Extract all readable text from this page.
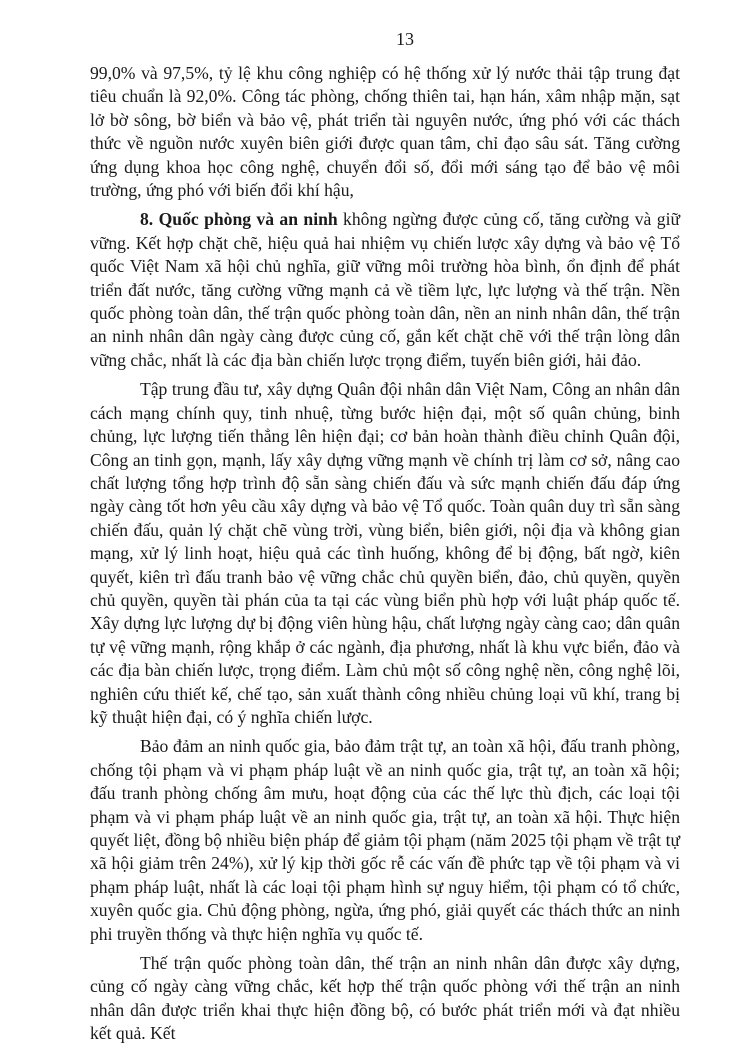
13

99,0% và 97,5%, tỷ lệ khu công nghiệp có hệ thống xử lý nước thải tập trung đạt tiêu chuẩn là 92,0%. Công tác phòng, chống thiên tai, hạn hán, xâm nhập mặn, sạt lở bờ sông, bờ biển và bảo vệ, phát triển tài nguyên nước, ứng phó với các thách thức về nguồn nước xuyên biên giới được quan tâm, chỉ đạo sâu sát. Tăng cường ứng dụng khoa học công nghệ, chuyển đổi số, đổi mới sáng tạo để bảo vệ môi trường, ứng phó với biến đổi khí hậu,

8. Quốc phòng và an ninh không ngừng được củng cố, tăng cường và giữ vững. Kết hợp chặt chẽ, hiệu quả hai nhiệm vụ chiến lược xây dựng và bảo vệ Tổ quốc Việt Nam xã hội chủ nghĩa, giữ vững môi trường hòa bình, ổn định để phát triển đất nước, tăng cường vững mạnh cả về tiềm lực, lực lượng và thế trận. Nền quốc phòng toàn dân, thế trận quốc phòng toàn dân, nền an ninh nhân dân, thế trận an ninh nhân dân ngày càng được củng cố, gắn kết chặt chẽ với thế trận lòng dân vững chắc, nhất là các địa bàn chiến lược trọng điểm, tuyến biên giới, hải đảo.

Tập trung đầu tư, xây dựng Quân đội nhân dân Việt Nam, Công an nhân dân cách mạng chính quy, tinh nhuệ, từng bước hiện đại, một số quân chủng, binh chủng, lực lượng tiến thẳng lên hiện đại; cơ bản hoàn thành điều chỉnh Quân đội, Công an tinh gọn, mạnh, lấy xây dựng vững mạnh về chính trị làm cơ sở, nâng cao chất lượng tổng hợp trình độ sẵn sàng chiến đấu và sức mạnh chiến đấu đáp ứng ngày càng tốt hơn yêu cầu xây dựng và bảo vệ Tổ quốc. Toàn quân duy trì sẵn sàng chiến đấu, quản lý chặt chẽ vùng trời, vùng biển, biên giới, nội địa và không gian mạng, xử lý linh hoạt, hiệu quả các tình huống, không để bị động, bất ngờ, kiên quyết, kiên trì đấu tranh bảo vệ vững chắc chủ quyền biển, đảo, chủ quyền, quyền chủ quyền, quyền tài phán của ta tại các vùng biển phù hợp với luật pháp quốc tế. Xây dựng lực lượng dự bị động viên hùng hậu, chất lượng ngày càng cao; dân quân tự vệ vững mạnh, rộng khắp ở các ngành, địa phương, nhất là khu vực biển, đảo và các địa bàn chiến lược, trọng điểm. Làm chủ một số công nghệ nền, công nghệ lõi, nghiên cứu thiết kế, chế tạo, sản xuất thành công nhiều chủng loại vũ khí, trang bị kỹ thuật hiện đại, có ý nghĩa chiến lược.

Bảo đảm an ninh quốc gia, bảo đảm trật tự, an toàn xã hội, đấu tranh phòng, chống tội phạm và vi phạm pháp luật về an ninh quốc gia, trật tự, an toàn xã hội; đấu tranh phòng chống âm mưu, hoạt động của các thế lực thù địch, các loại tội phạm và vi phạm pháp luật về an ninh quốc gia, trật tự, an toàn xã hội. Thực hiện quyết liệt, đồng bộ nhiều biện pháp để giảm tội phạm (năm 2025 tội phạm về trật tự xã hội giảm trên 24%), xử lý kịp thời gốc rễ các vấn đề phức tạp về tội phạm và vi phạm pháp luật, nhất là các loại tội phạm hình sự nguy hiểm, tội phạm có tổ chức, xuyên quốc gia. Chủ động phòng, ngừa, ứng phó, giải quyết các thách thức an ninh phi truyền thống và thực hiện nghĩa vụ quốc tế.

Thế trận quốc phòng toàn dân, thế trận an ninh nhân dân được xây dựng, củng cố ngày càng vững chắc, kết hợp thế trận quốc phòng với thế trận an ninh nhân dân được triển khai thực hiện đồng bộ, có bước phát triển mới và đạt nhiều kết quả. Kết
